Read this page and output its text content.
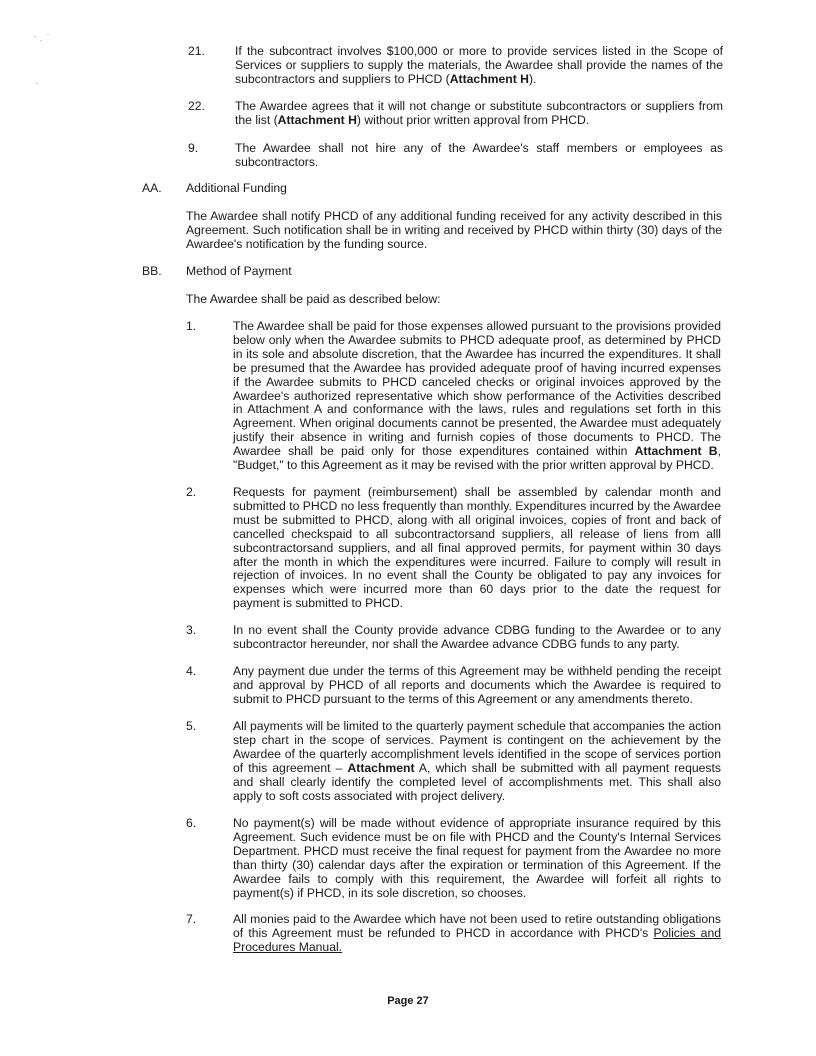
21. If the subcontract involves $100,000 or more to provide services listed in the Scope of Services or suppliers to supply the materials, the Awardee shall provide the names of the subcontractors and suppliers to PHCD (Attachment H).
22. The Awardee agrees that it will not change or substitute subcontractors or suppliers from the list (Attachment H) without prior written approval from PHCD.
9.	The Awardee shall not hire any of the Awardee's staff members or employees as subcontractors.
AA. Additional Funding
The Awardee shall notify PHCD of any additional funding received for any activity described in this Agreement. Such notification shall be in writing and received by PHCD within thirty (30) days of the Awardee's notification by the funding source.
BB. Method of Payment
The Awardee shall be paid as described below:
1.	The Awardee shall be paid for those expenses allowed pursuant to the provisions provided below only when the Awardee submits to PHCD adequate proof, as determined by PHCD in its sole and absolute discretion, that the Awardee has incurred the expenditures. It shall be presumed that the Awardee has provided adequate proof of having incurred expenses if the Awardee submits to PHCD canceled checks or original invoices approved by the Awardee's authorized representative which show performance of the Activities described in Attachment A and conformance with the laws, rules and regulations set forth in this Agreement. When original documents cannot be presented, the Awardee must adequately justify their absence in writing and furnish copies of those documents to PHCD. The Awardee shall be paid only for those expenditures contained within Attachment B, "Budget," to this Agreement as it may be revised with the prior written approval by PHCD.
2.	Requests for payment (reimbursement) shall be assembled by calendar month and submitted to PHCD no less frequently than monthly. Expenditures incurred by the Awardee must be submitted to PHCD, along with all original invoices, copies of front and back of cancelled checkspaid to all subcontractorsand suppliers, all release of liens from alll subcontractorsand suppliers, and all final approved permits, for payment within 30 days after the month in which the expenditures were incurred. Failure to comply will result in rejection of invoices. In no event shall the County be obligated to pay any invoices for expenses which were incurred more than 60 days prior to the date the request for payment is submitted to PHCD.
3.	In no event shall the County provide advance CDBG funding to the Awardee or to any subcontractor hereunder, nor shall the Awardee advance CDBG funds to any party.
4.	Any payment due under the terms of this Agreement may be withheld pending the receipt and approval by PHCD of all reports and documents which the Awardee is required to submit to PHCD pursuant to the terms of this Agreement or any amendments thereto.
5.	All payments will be limited to the quarterly payment schedule that accompanies the action step chart in the scope of services. Payment is contingent on the achievement by the Awardee of the quarterly accomplishment levels identified in the scope of services portion of this agreement – Attachment A, which shall be submitted with all payment requests and shall clearly identify the completed level of accomplishments met. This shall also apply to soft costs associated with project delivery.
6.	No payment(s) will be made without evidence of appropriate insurance required by this Agreement. Such evidence must be on file with PHCD and the County's Internal Services Department. PHCD must receive the final request for payment from the Awardee no more than thirty (30) calendar days after the expiration or termination of this Agreement. If the Awardee fails to comply with this requirement, the Awardee will forfeit all rights to payment(s) if PHCD, in its sole discretion, so chooses.
7.	All monies paid to the Awardee which have not been used to retire outstanding obligations of this Agreement must be refunded to PHCD in accordance with PHCD's Policies and Procedures Manual.
Page 27
